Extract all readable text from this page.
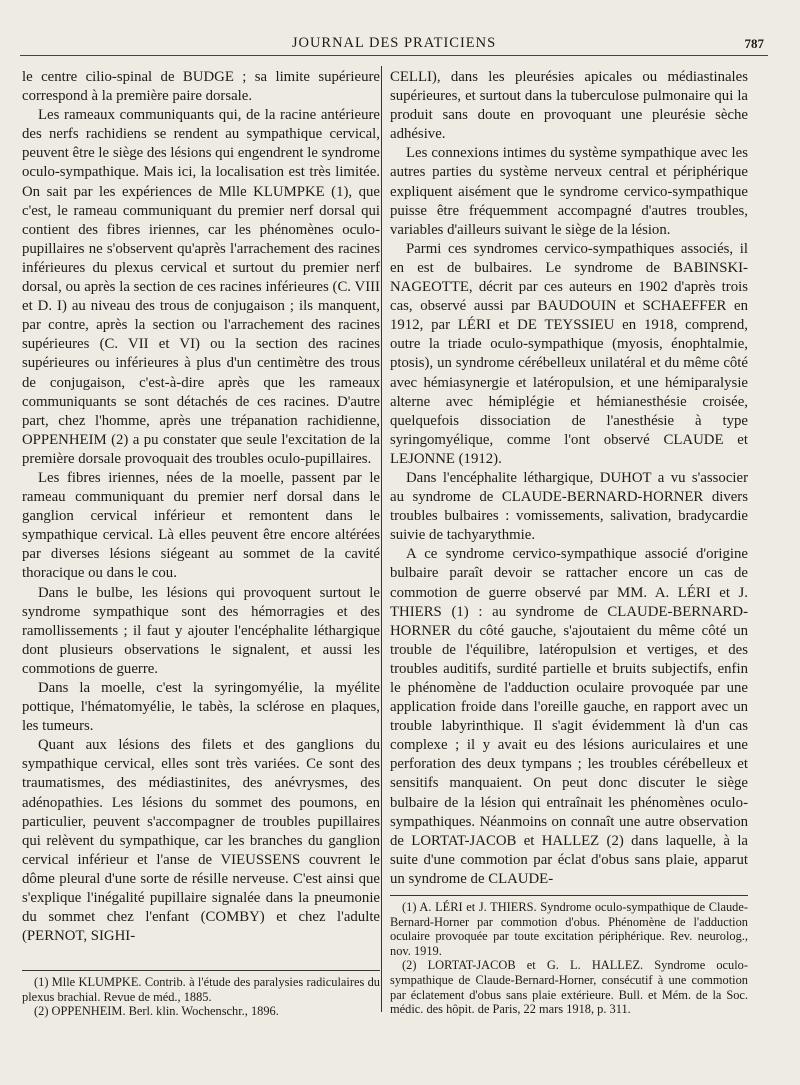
JOURNAL DES PRATICIENS	787

le centre cilio-spinal de BUDGE ; sa limite supérieure correspond à la première paire dorsale.

Les rameaux communiquants qui, de la racine antérieure des nerfs rachidiens se rendent au sympathique cervical, peuvent être le siège des lésions qui engendrent le syndrome oculo-sympathique. Mais ici, la localisation est très limitée. On sait par les expériences de Mlle KLUMPKE (1), que c'est, le rameau communiquant du premier nerf dorsal qui contient des fibres iriennes, car les phénomènes oculo-pupillaires ne s'observent qu'après l'arrachement des racines inférieures du plexus cervical et surtout du premier nerf dorsal, ou après la section de ces racines inférieures (C. VIII et D. I) au niveau des trous de conjugaison ; ils manquent, par contre, après la section ou l'arrachement des racines supérieures (C. VII et VI) ou la section des racines supérieures ou inférieures à plus d'un centimètre des trous de conjugaison, c'est-à-dire après que les rameaux communiquants se sont détachés de ces racines. D'autre part, chez l'homme, après une trépanation rachidienne, OPPENHEIM (2) a pu constater que seule l'excitation de la première dorsale provoquait des troubles oculo-pupillaires.

Les fibres iriennes, nées de la moelle, passent par le rameau communiquant du premier nerf dorsal dans le ganglion cervical inférieur et remontent dans le sympathique cervical. Là elles peuvent être encore altérées par diverses lésions siégeant au sommet de la cavité thoracique ou dans le cou.

Dans le bulbe, les lésions qui provoquent surtout le syndrome sympathique sont des hémorragies et des ramollissements ; il faut y ajouter l'encéphalite léthargique dont plusieurs observations le signalent, et aussi les commotions de guerre.

Dans la moelle, c'est la syringomyélie, la myélite pottique, l'hématomyélie, le tabès, la sclérose en plaques, les tumeurs.

Quant aux lésions des filets et des ganglions du sympathique cervical, elles sont très variées. Ce sont des traumatismes, des médiastinites, des anévrysmes, des adénopathies. Les lésions du sommet des poumons, en particulier, peuvent s'accompagner de troubles pupillaires qui relèvent du sympathique, car les branches du ganglion cervical inférieur et l'anse de VIEUSSENS couvrent le dôme pleural d'une sorte de résille nerveuse. C'est ainsi que s'explique l'inégalité pupillaire signalée dans la pneumonie du sommet chez l'enfant (COMBY) et chez l'adulte (PERNOT, SIGHI-

CELLI), dans les pleurésies apicales ou médiastinales supérieures, et surtout dans la tuberculose pulmonaire qui la produit sans doute en provoquant une pleurésie sèche adhésive.

Les connexions intimes du système sympathique avec les autres parties du système nerveux central et périphérique expliquent aisément que le syndrome cervico-sympathique puisse être fréquemment accompagné d'autres troubles, variables d'ailleurs suivant le siège de la lésion.

Parmi ces syndromes cervico-sympathiques associés, il en est de bulbaires. Le syndrome de BABINSKI-NAGEOTTE, décrit par ces auteurs en 1902 d'après trois cas, observé aussi par BAUDOUIN et SCHAEFFER en 1912, par LÉRI et DE TEYSSIEU en 1918, comprend, outre la triade oculo-sympathique (myosis, énophtalmie, ptosis), un syndrome cérébelleux unilatéral et du même côté avec hémiasynergie et latéropulsion, et une hémiparalysie alterne avec hémiplégie et hémianesthésie croisée, quelquefois dissociation de l'anesthésie à type syringomyélique, comme l'ont observé CLAUDE et LEJONNE (1912).

Dans l'encéphalite léthargique, DUHOT a vu s'associer au syndrome de CLAUDE-BERNARD-HORNER divers troubles bulbaires : vomissements, salivation, bradycardie suivie de tachyarythmie.

A ce syndrome cervico-sympathique associé d'origine bulbaire paraît devoir se rattacher encore un cas de commotion de guerre observé par MM. A. LÉRI et J. THIERS (1) : au syndrome de CLAUDE-BERNARD-HORNER du côté gauche, s'ajoutaient du même côté un trouble de l'équilibre, latéropulsion et vertiges, et des troubles auditifs, surdité partielle et bruits subjectifs, enfin le phénomène de l'adduction oculaire provoquée par une application froide dans l'oreille gauche, en rapport avec un trouble labyrinthique. Il s'agit évidemment là d'un cas complexe ; il y avait eu des lésions auriculaires et une perforation des deux tympans ; les troubles cérébelleux et sensitifs manquaient. On peut donc discuter le siège bulbaire de la lésion qui entraînait les phénomènes oculo-sympathiques. Néanmoins on connaît une autre observation de LORTAT-JACOB et HALLEZ (2) dans laquelle, à la suite d'une commotion par éclat d'obus sans plaie, apparut un syndrome de CLAUDE-

(1) Mlle KLUMPKE. Contrib. à l'étude des paralysies radiculaires du plexus brachial. Revue de méd., 1885.

(2) OPPENHEIM. Berl. klin. Wochenschr., 1896.

(1) A. LÉRI et J. THIERS. Syndrome oculo-sympathique de Claude-Bernard-Horner par commotion d'obus. Phénomène de l'adduction oculaire provoquée par toute excitation périphérique. Rev. neurolog., nov. 1919.

(2) LORTAT-JACOB et G. L. HALLEZ. Syndrome oculo-sympathique de Claude-Bernard-Horner, consécutif à une commotion par éclatement d'obus sans plaie extérieure. Bull. et Mém. de la Soc. médic. des hôpit. de Paris, 22 mars 1918, p. 311.
